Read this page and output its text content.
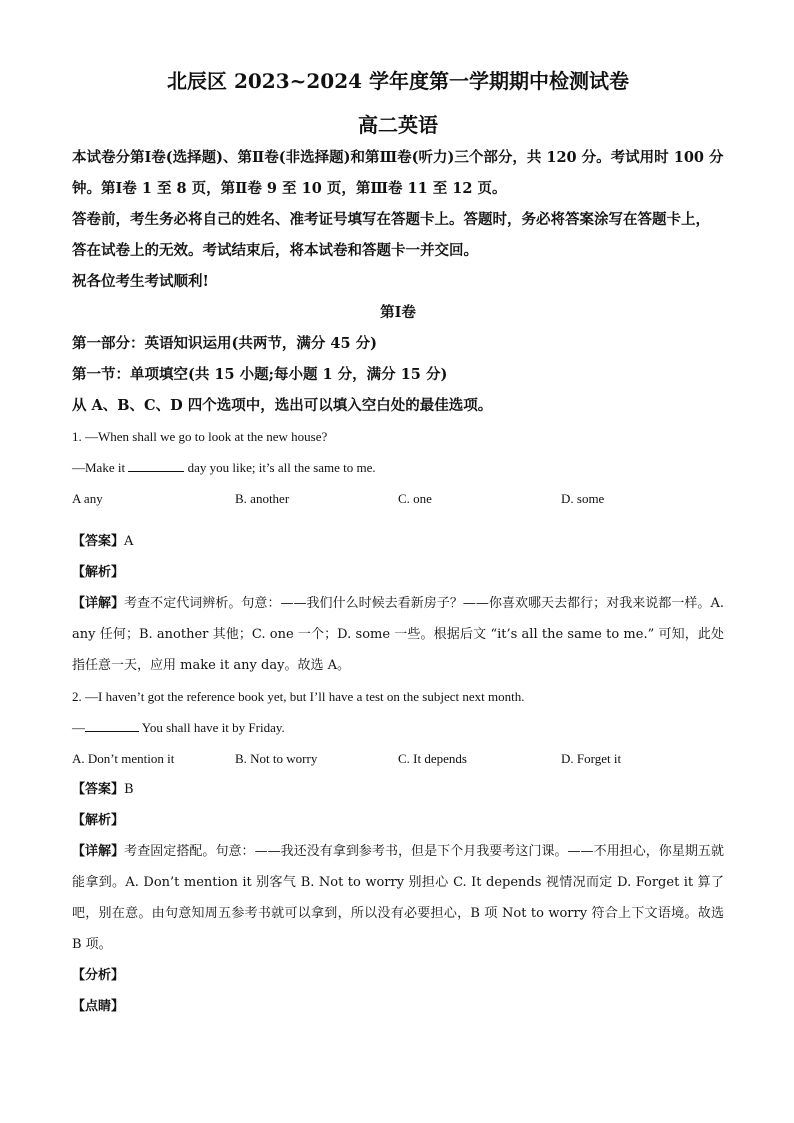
北辰区 2023~2024 学年度第一学期期中检测试卷

高二英语

本试卷分第Ⅰ卷(选择题)、第Ⅱ卷(非选择题)和第Ⅲ卷(听力)三个部分，共 120 分。考试用时 100 分钟。第Ⅰ卷 1 至 8 页，第Ⅱ卷 9 至 10 页，第Ⅲ卷 11 至 12 页。

答卷前，考生务必将自己的姓名、准考证号填写在答题卡上。答题时，务必将答案涂写在答题卡上，答在试卷上的无效。考试结束后，将本试卷和答题卡一并交回。

祝各位考生考试顺利!

第Ⅰ卷

第一部分：英语知识运用(共两节，满分 45 分)

第一节：单项填空(共 15 小题;每小题 1 分，满分 15 分)

从 A、B、C、D 四个选项中，选出可以填入空白处的最佳选项。

1. —When shall we go to look at the new house?

—Make it	day you like; it’s all the same to me.

A any	B. another	C. one	D. some

【答案】A

【解析】

【详解】考查不定代词辨析。句意：——我们什么时候去看新房子？——你喜欢哪天去都行；对我来说都一样。A. any 任何；B. another 其他；C. one 一个；D. some 一些。根据后文 “it’s all the same to me.” 可知，此处指任意一天，应用 make it any day。故选 A。

2. —I haven’t got the reference book yet, but I’ll have a test on the subject next month.

—	You shall have it by Friday.

A. Don’t mention it	B. Not to worry	C. It depends	D. Forget it

【答案】B

【解析】

【详解】考查固定搭配。句意：——我还没有拿到参考书，但是下个月我要考这门课。——不用担心，你星期五就能拿到。A. Don’t mention it 别客气 B. Not to worry 别担心 C. It depends 视情况而定 D. Forget it 算了吧，别在意。由句意知周五参考书就可以拿到，所以没有必要担心，B 项 Not to worry 符合上下文语境。故选 B 项。

【分析】

【点睛】
